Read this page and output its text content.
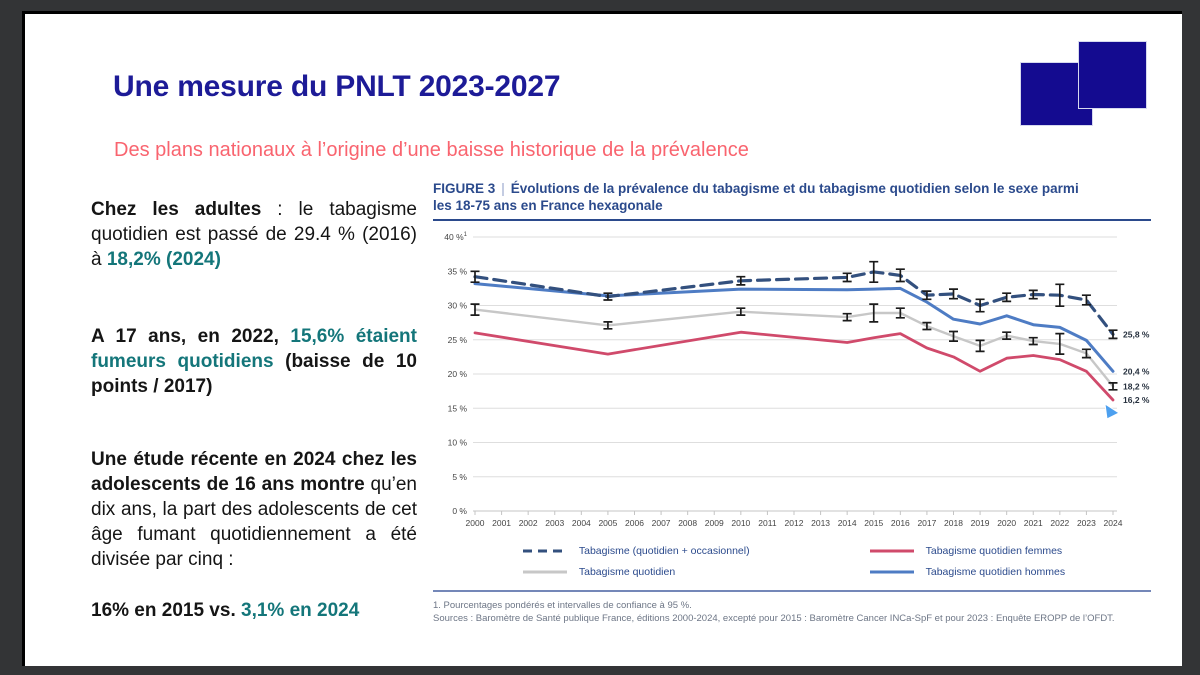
Une mesure du PNLT 2023-2027
Des plans nationaux à l’origine d’une baisse historique de la prévalence

Chez les adultes : le tabagisme quotidien est passé de 29.4 % (2016) à 18,2% (2024)

A 17 ans, en 2022, 15,6% étaient fumeurs quotidiens (baisse de 10 points / 2017)

Une étude récente en 2024 chez les adolescents de 16 ans montre qu’en dix ans, la part des adolescents de cet âge fumant quotidiennement a été divisée par cinq :

16% en 2015 vs. 3,1% en 2024

FIGURE 3 | Évolutions de la prévalence du tabagisme et du tabagisme quotidien selon le sexe parmi les 18-75 ans en France hexagonale
0 %
5 %
10 %
15 %
20 %
25 %
30 %
35 %
40 %$^1$
2000 2001 2002 2003 2004 2005 2006 2007 2008 2009 2010 2011 2012 2013 2014 2015 2016 2017 2018 2019 2020 2021 2022 2023 2024
25,8 %
18,2 %
16,2 %
20,4 %
Tabagisme (quotidien + occasionnel)	Tabagisme quotidien femmes
Tabagisme quotidien	Tabagisme quotidien hommes
1. Pourcentages pondérés et intervalles de confiance à 95 %.
Sources : Baromètre de Santé publique France, éditions 2000-2024, excepté pour 2015 : Baromètre Cancer INCa-SpF et pour 2023 : Enquête EROPP de l’OFDT.
